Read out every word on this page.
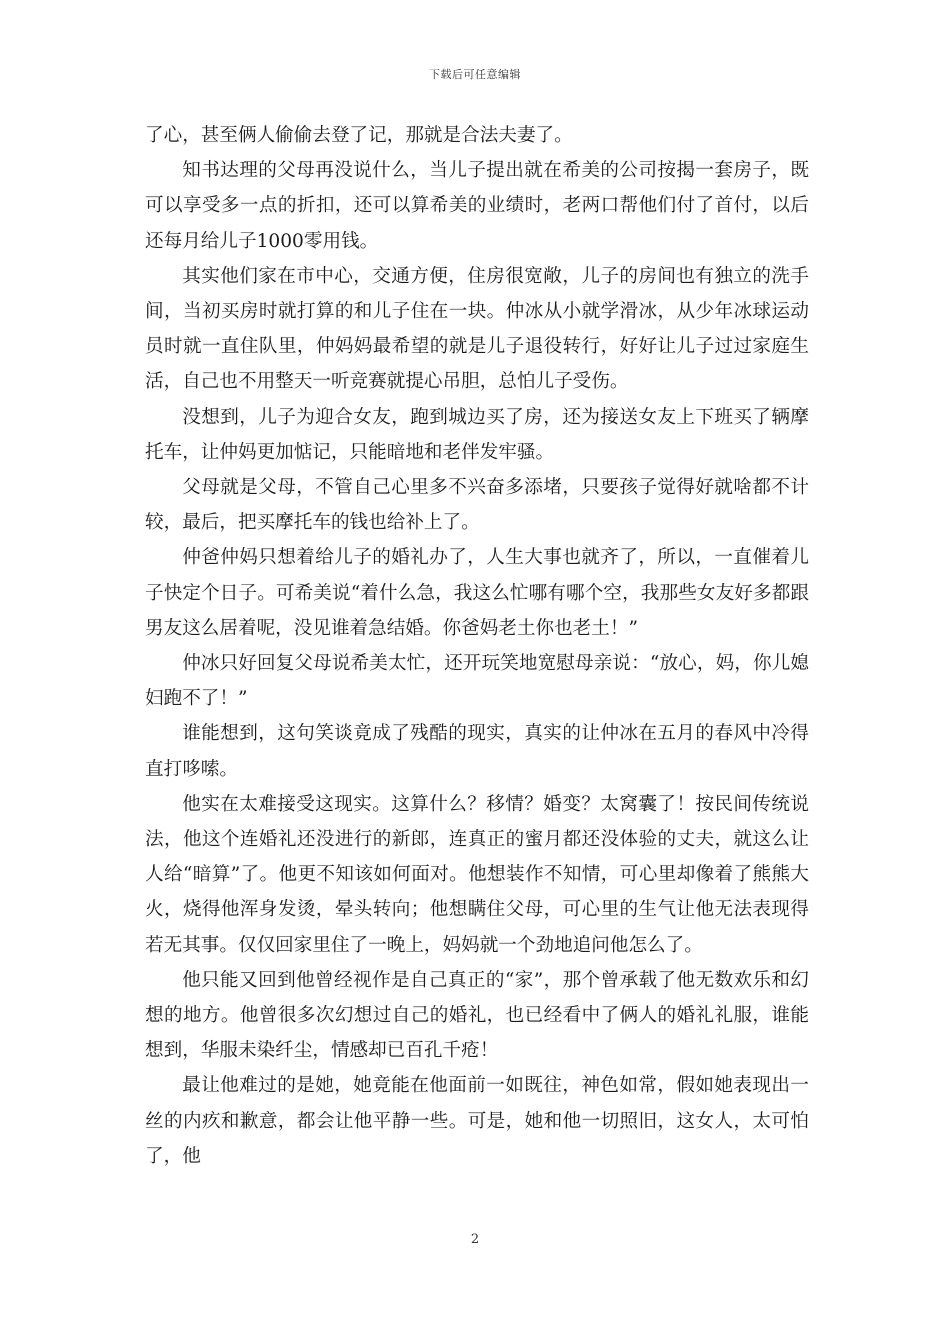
下载后可任意编辑

了心，甚至俩人偷偷去登了记，那就是合法夫妻了。

知书达理的父母再没说什么，当儿子提出就在希美的公司按揭一套房子，既可以享受多一点的折扣，还可以算希美的业绩时，老两口帮他们付了首付，以后还每月给儿子1000零用钱。

其实他们家在市中心，交通方便，住房很宽敞，儿子的房间也有独立的洗手间，当初买房时就打算的和儿子住在一块。仲冰从小就学滑冰，从少年冰球运动员时就一直住队里，仲妈妈最希望的就是儿子退役转行，好好让儿子过过家庭生活，自己也不用整天一听竞赛就提心吊胆，总怕儿子受伤。

没想到，儿子为迎合女友，跑到城边买了房，还为接送女友上下班买了辆摩托车，让仲妈更加惦记，只能暗地和老伴发牢骚。

父母就是父母，不管自己心里多不兴奋多添堵，只要孩子觉得好就啥都不计较，最后，把买摩托车的钱也给补上了。

仲爸仲妈只想着给儿子的婚礼办了，人生大事也就齐了，所以，一直催着儿子快定个日子。可希美说“着什么急，我这么忙哪有哪个空，我那些女友好多都跟男友这么居着呢，没见谁着急结婚。你爸妈老土你也老土！”

仲冰只好回复父母说希美太忙，还开玩笑地宽慰母亲说：“放心，妈，你儿媳妇跑不了！”

谁能想到，这句笑谈竟成了残酷的现实，真实的让仲冰在五月的春风中冷得直打哆嗦。

他实在太难接受这现实。这算什么？移情？婚变？太窝囊了！按民间传统说法，他这个连婚礼还没进行的新郎，连真正的蜜月都还没体验的丈夫，就这么让人给“暗算”了。他更不知该如何面对。他想装作不知情，可心里却像着了熊熊大火，烧得他浑身发烫，晕头转向；他想瞒住父母，可心里的生气让他无法表现得若无其事。仅仅回家里住了一晚上，妈妈就一个劲地追问他怎么了。

他只能又回到他曾经视作是自己真正的“家”，那个曾承载了他无数欢乐和幻想的地方。他曾很多次幻想过自己的婚礼，也已经看中了俩人的婚礼礼服，谁能想到，华服未染纤尘，情感却已百孔千疮！

最让他难过的是她，她竟能在他面前一如既往，神色如常，假如她表现出一丝的内疚和歉意，都会让他平静一些。可是，她和他一切照旧，这女人，太可怕了，他

2
